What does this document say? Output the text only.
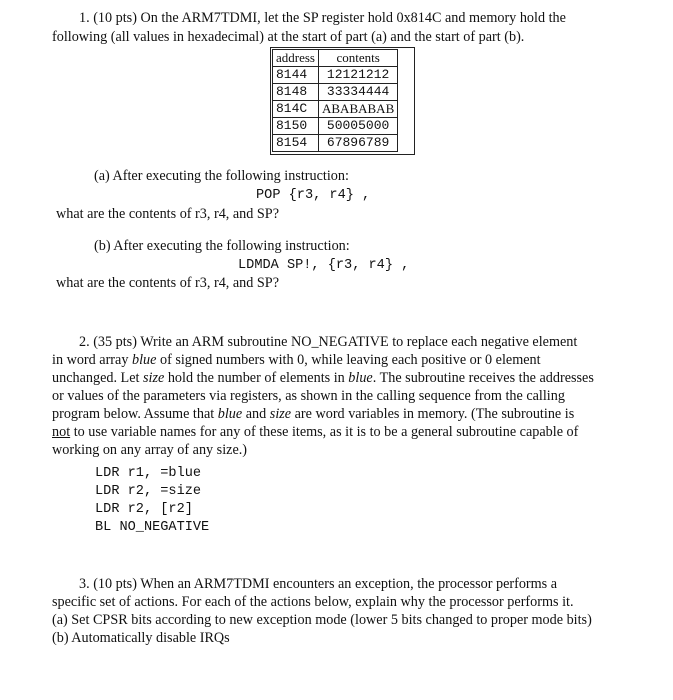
1. (10 pts) On the ARM7TDMI, let the SP register hold 0x814C and memory hold the
following (all values in hexadecimal) at the start of part (a) and the start of part (b).
address	contents
8144	12121212
8148	33334444
814C	ABABABAB
8150	50005000
8154	67896789
(a) After executing the following instruction:
POP {r3, r4} ,
what are the contents of r3, r4, and SP?
(b) After executing the following instruction:
LDMDA SP!, {r3, r4} ,
what are the contents of r3, r4, and SP?
2. (35 pts) Write an ARM subroutine NO_NEGATIVE to replace each negative element
in word array blue of signed numbers with 0, while leaving each positive or 0 element
unchanged. Let size hold the number of elements in blue. The subroutine receives the addresses
or values of the parameters via registers, as shown in the calling sequence from the calling
program below. Assume that blue and size are word variables in memory. (The subroutine is
not to use variable names for any of these items, as it is to be a general subroutine capable of
working on any array of any size.)
LDR r1, =blue
LDR r2, =size
LDR r2, [r2]
BL NO_NEGATIVE
3. (10 pts) When an ARM7TDMI encounters an exception, the processor performs a
specific set of actions. For each of the actions below, explain why the processor performs it.
(a) Set CPSR bits according to new exception mode (lower 5 bits changed to proper mode bits)
(b) Automatically disable IRQs
